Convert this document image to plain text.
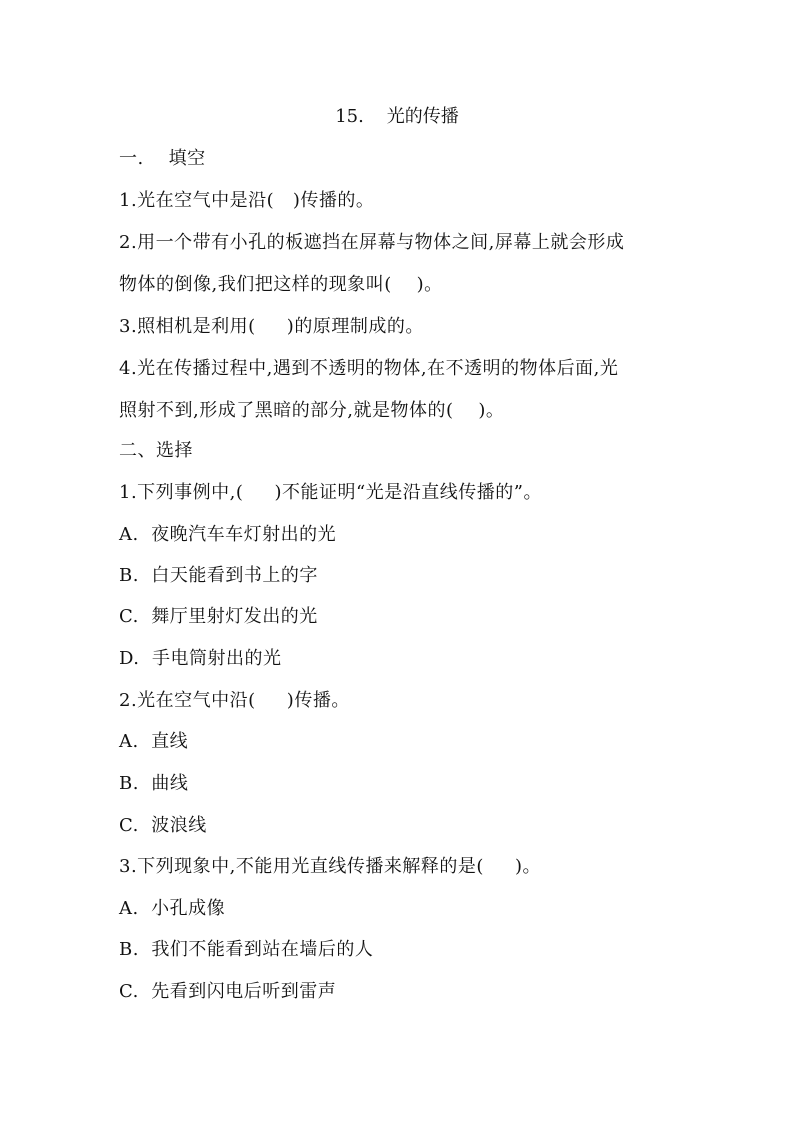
15.    光的传播
一.    填空
1.光在空气中是沿(   )传播的。
2.用一个带有小孔的板遮挡在屏幕与物体之间,屏幕上就会形成
物体的倒像,我们把这样的现象叫(    )。
3.照相机是利用(     )的原理制成的。
4.光在传播过程中,遇到不透明的物体,在不透明的物体后面,光
照射不到,形成了黑暗的部分,就是物体的(    )。
二、选择
1.下列事例中,(     )不能证明“光是沿直线传播的”。
A.  夜晚汽车车灯射出的光
B.  白天能看到书上的字
C.  舞厅里射灯发出的光
D.  手电筒射出的光
2.光在空气中沿(     )传播。
A.  直线
B.  曲线
C.  波浪线
3.下列现象中,不能用光直线传播来解释的是(     )。
A.  小孔成像
B.  我们不能看到站在墙后的人
C.  先看到闪电后听到雷声
